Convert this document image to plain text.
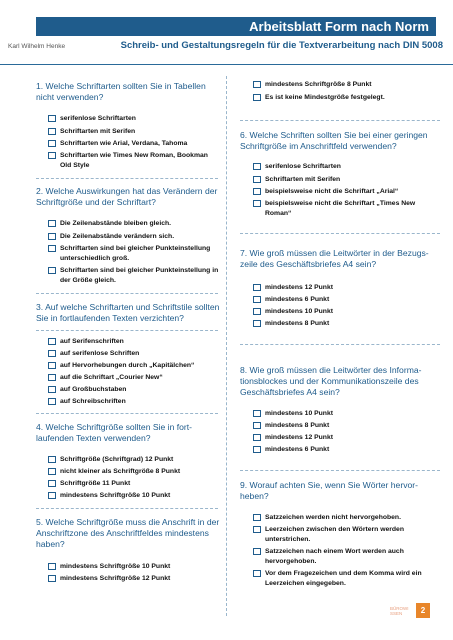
Arbeitsblatt Form nach Norm
Karl Wilhelm Henke	Schreib- und Gestaltungsregeln für die Textverarbeitung nach DIN 5008
1. Welche Schriftarten sollten Sie in Tabellen
nicht verwenden?
serifenlose Schriftarten
Schriftarten mit Serifen
Schriftarten wie Arial, Verdana, Tahoma
Schriftarten wie Times New Roman, Bookman
Old Style
2. Welche Auswirkungen hat das Verändern der
Schriftgröße und der Schriftart?
Die Zeilenabstände bleiben gleich.
Die Zeilenabstände verändern sich.
Schriftarten sind bei gleicher Punkteinstellung
unterschiedlich groß.
Schriftarten sind bei gleicher Punkteinstellung in
der Größe gleich.
3. Auf welche Schriftarten und Schriftstile sollten
Sie in fortlaufenden Texten verzichten?
auf Serifenschriften
auf serifenlose Schriften
auf Hervorhebungen durch „Kapitälchen“
auf die Schriftart „Courier New“
auf Großbuchstaben
auf Schreibschriften
4. Welche Schriftgröße sollten Sie in fort-
laufenden Texten verwenden?
Schriftgröße (Schriftgrad) 12 Punkt
nicht kleiner als Schriftgröße 8 Punkt
Schriftgröße 11 Punkt
mindestens Schriftgröße 10 Punkt
5. Welche Schriftgröße muss die Anschrift in der
Anschriftzone des Anschriftfeldes mindestens
haben?
mindestens Schriftgröße 10 Punkt
mindestens Schriftgröße 12 Punkt
mindestens Schriftgröße 8 Punkt
Es ist keine Mindestgröße festgelegt.
6. Welche Schriften sollten Sie bei einer geringen
Schriftgröße im Anschriftfeld verwenden?
serifenlose Schriftarten
Schriftarten mit Serifen
beispielsweise nicht die Schriftart „Arial“
beispielsweise nicht die Schriftart „Times New
Roman“
7. Wie groß müssen die Leitwörter in der Bezugs-
zeile des Geschäftsbriefes A4 sein?
mindestens 12 Punkt
mindestens 6 Punkt
mindestens 10 Punkt
mindestens 8 Punkt
8. Wie groß müssen die Leitwörter des Informa-
tionsblockes und der Kommunikationszeile des
Geschäftsbriefes A4 sein?
mindestens 10 Punkt
mindestens 8 Punkt
mindestens 12 Punkt
mindestens 6 Punkt
9. Worauf achten Sie, wenn Sie Wörter hervor-
heben?
Satzzeichen werden nicht hervorgehoben.
Leerzeichen zwischen den Wörtern werden
unterstrichen.
Satzzeichen nach einem Wort werden auch
hervorgehoben.
Vor dem Fragezeichen und dem Komma wird ein
Leerzeichen eingegeben.
BÜROWI
SSEN	2
